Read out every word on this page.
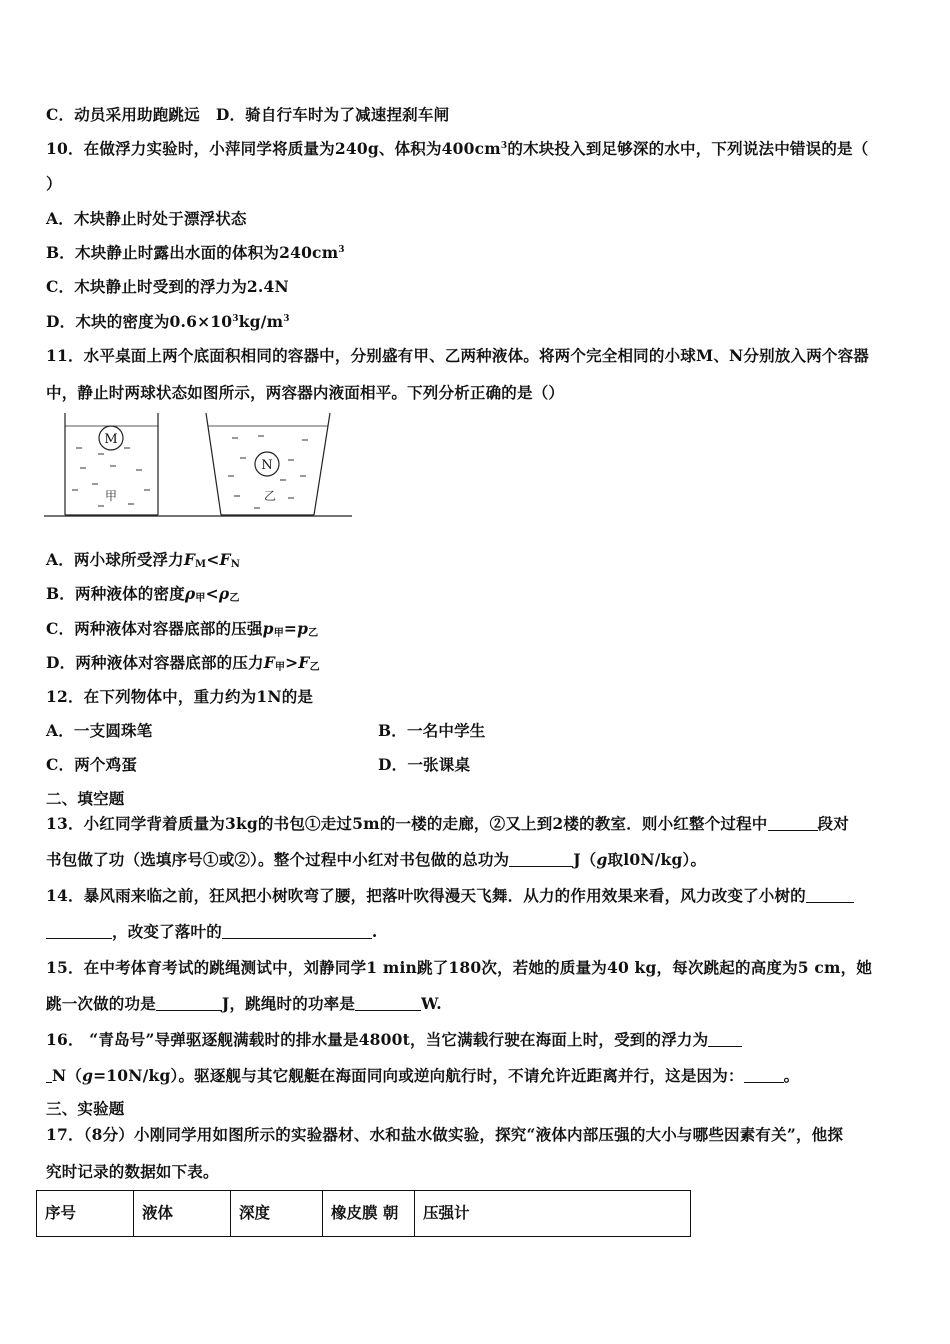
C．动员采用助跑跳远 D．骑自行车时为了减速捏刹车闸
10．在做浮力实验时，小萍同学将质量为240g、体积为$400cm^3$的木块投入到足够深的水中，下列说法中错误的是（
）
A．木块静止时处于漂浮状态
B．木块静止时露出水面的体积为$240cm^3$
C．木块静止时受到的浮力为2.4N
D．木块的密度为$0.6\times 10^3kg/m^3$
11．水平桌面上两个底面积相同的容器中，分别盛有甲、乙两种液体。将两个完全相同的小球M、N分别放入两个容器
中，静止时两球状态如图所示，两容器内液面相平。下列分析正确的是（）
M
甲
N
乙
A．两小球所受浮力$F_M<F_N$
B．两种液体的密度$\rho_甲<\rho_乙$
C．两种液体对容器底部的压强$p_甲=p_乙$
D．两种液体对容器底部的压力$F_甲>F_乙$
12．在下列物体中，重力约为1N的是
A．一支圆珠笔	B．一名中学生
C．两个鸡蛋	D．一张课桌
二、填空题
13．小红同学背着质量为3kg的书包①走过5m的一楼的走廊，②又上到2楼的教室．则小红整个过程中	段对
书包做了功（选填序号①或②）。整个过程中小红对书包做的总功为	J（g取l0N/kg）。
14．暴风雨来临之前，狂风把小树吹弯了腰，把落叶吹得漫天飞舞．从力的作用效果来看，风力改变了小树的
，改变了落叶的	.
15．在中考体育考试的跳绳测试中，刘静同学1 min跳了180次，若她的质量为40 kg，每次跳起的高度为5 cm，她
跳一次做的功是	J，跳绳时的功率是	W.
16． “青岛号”导弹驱逐舰满载时的排水量是4800t，当它满载行驶在海面上时，受到的浮力为
N（g=10N/kg）。驱逐舰与其它舰艇在海面同向或逆向航行时，不请允许近距离并行，这是因为：	。
三、实验题
17．（8分）小刚同学用如图所示的实验器材、水和盐水做实验，探究“液体内部压强的大小与哪些因素有关”，他探
究时记录的数据如下表。
序号	液体	深度	橡皮膜 朝	压强计
